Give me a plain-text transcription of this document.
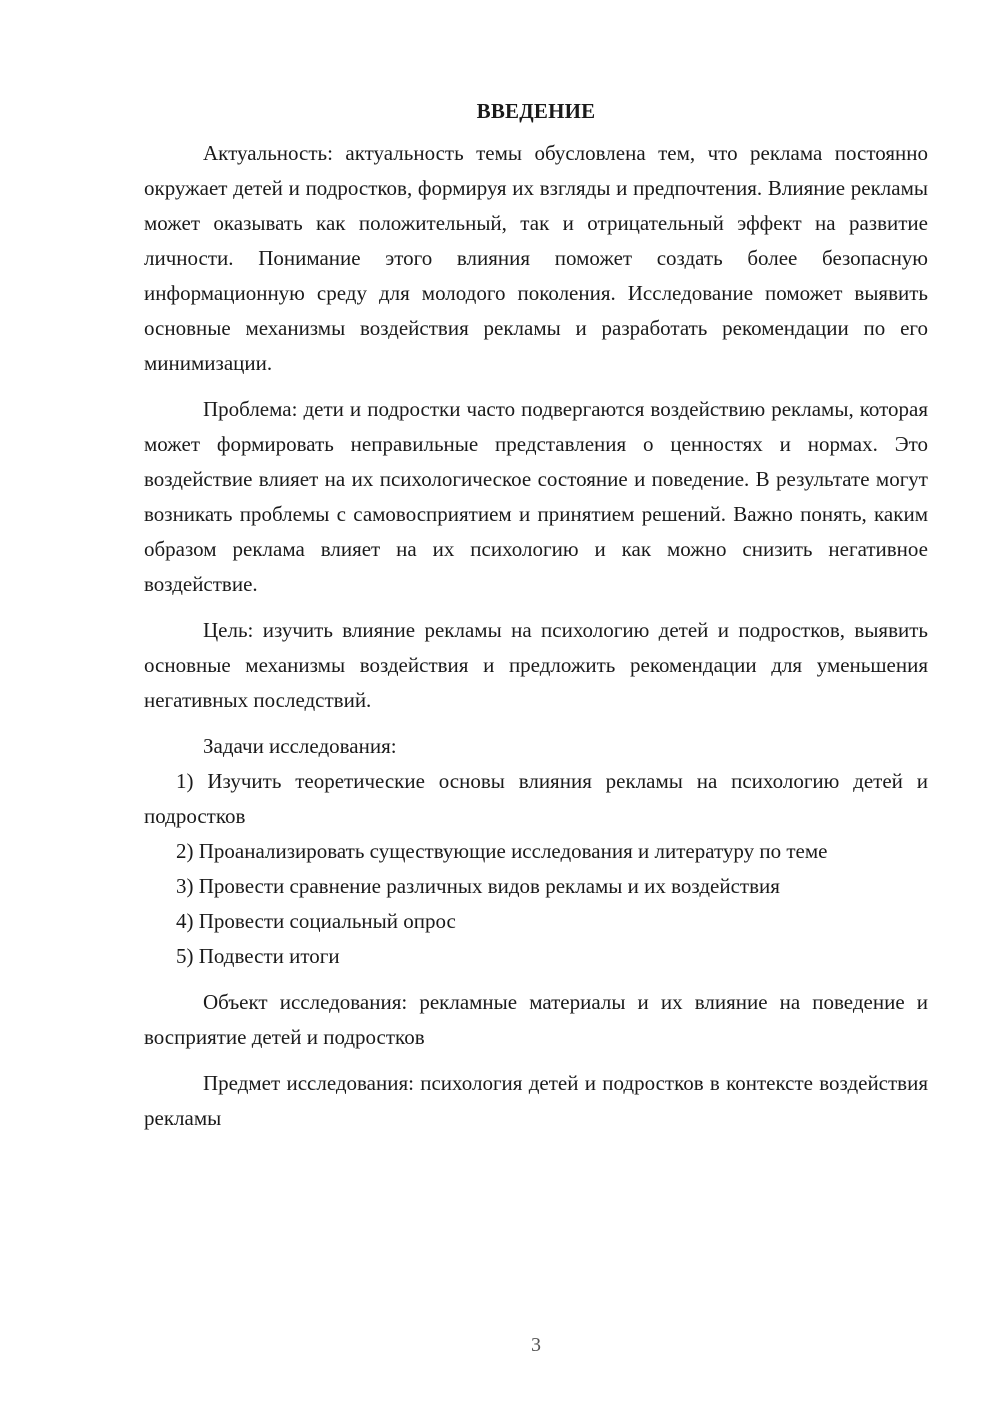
ВВЕДЕНИЕ

Актуальность: актуальность темы обусловлена тем, что реклама постоянно окружает детей и подростков, формируя их взгляды и предпочтения. Влияние рекламы может оказывать как положительный, так и отрицательный эффект на развитие личности. Понимание этого влияния поможет создать более безопасную информационную среду для молодого поколения. Исследование поможет выявить основные механизмы воздействия рекламы и разработать рекомендации по его минимизации.

Проблема: дети и подростки часто подвергаются воздействию рекламы, которая может формировать неправильные представления о ценностях и нормах. Это воздействие влияет на их психологическое состояние и поведение. В результате могут возникать проблемы с самовосприятием и принятием решений. Важно понять, каким образом реклама влияет на их психологию и как можно снизить негативное воздействие.

Цель: изучить влияние рекламы на психологию детей и подростков, выявить основные механизмы воздействия и предложить рекомендации для уменьшения негативных последствий.

Задачи исследования:

1) Изучить теоретические основы влияния рекламы на психологию детей и подростков

2) Проанализировать существующие исследования и литературу по теме

3) Провести сравнение различных видов рекламы и их воздействия

4) Провести социальный опрос

5) Подвести итоги

Объект исследования: рекламные материалы и их влияние на поведение и восприятие детей и подростков

Предмет исследования: психология детей и подростков в контексте воздействия рекламы

3
